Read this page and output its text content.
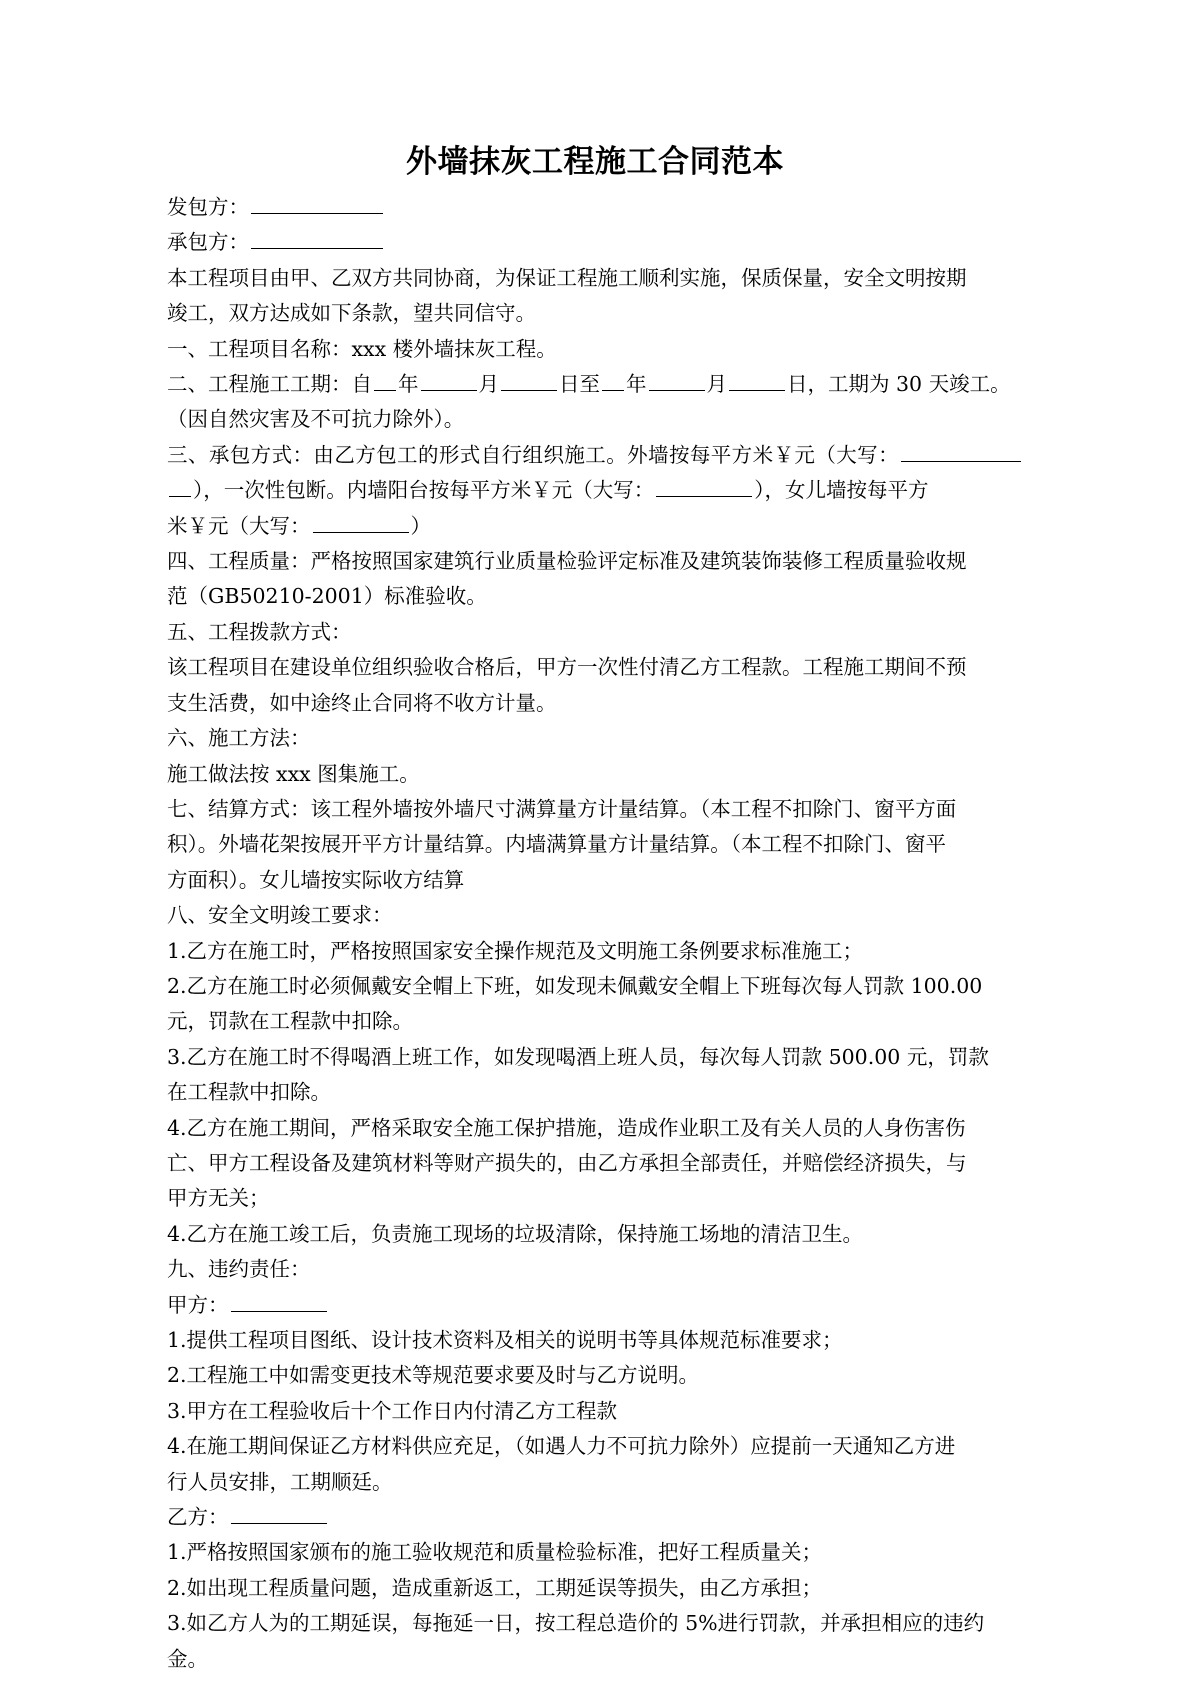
外墙抹灰工程施工合同范本

发包方：

承包方：

本工程项目由甲、乙双方共同协商，为保证工程施工顺利实施，保质保量，安全文明按期

竣工，双方达成如下条款，望共同信守。

一、工程项目名称：xxx 楼外墙抹灰工程。

二、工程施工工期：自 年	月	日至 年	月	日，工期为 30 天竣工。

（因自然灾害及不可抗力除外）。

三、承包方式：由乙方包工的形式自行组织施工。外墙按每平方米￥元（大写：），一次性包断。内墙阳台按每平方米￥元（大写：	），女儿墙按每平方

米￥元（大写：	）

四、工程质量：严格按照国家建筑行业质量检验评定标准及建筑装饰装修工程质量验收规

范（GB50210-2001）标准验收。

五、工程拨款方式：

该工程项目在建设单位组织验收合格后，甲方一次性付清乙方工程款。工程施工期间不预

支生活费，如中途终止合同将不收方计量。

六、施工方法：

施工做法按 xxx 图集施工。

七、结算方式：该工程外墙按外墙尺寸满算量方计量结算。（本工程不扣除门、窗平方面

积）。外墙花架按展开平方计量结算。内墙满算量方计量结算。（本工程不扣除门、窗平

方面积）。女儿墙按实际收方结算

八、安全文明竣工要求：

1.乙方在施工时，严格按照国家安全操作规范及文明施工条例要求标准施工；

2.乙方在施工时必须佩戴安全帽上下班，如发现未佩戴安全帽上下班每次每人罚款 100.00

元，罚款在工程款中扣除。

3.乙方在施工时不得喝酒上班工作，如发现喝酒上班人员，每次每人罚款 500.00 元，罚款

在工程款中扣除。

4.乙方在施工期间，严格采取安全施工保护措施，造成作业职工及有关人员的人身伤害伤

亡、甲方工程设备及建筑材料等财产损失的，由乙方承担全部责任，并赔偿经济损失，与

甲方无关；

4.乙方在施工竣工后，负责施工现场的垃圾清除，保持施工场地的清洁卫生。

九、违约责任：

甲方：

1.提供工程项目图纸、设计技术资料及相关的说明书等具体规范标准要求；

2.工程施工中如需变更技术等规范要求要及时与乙方说明。

3.甲方在工程验收后十个工作日内付清乙方工程款

4.在施工期间保证乙方材料供应充足，（如遇人力不可抗力除外）应提前一天通知乙方进

行人员安排，工期顺廷。

乙方：

1.严格按照国家颁布的施工验收规范和质量检验标准，把好工程质量关；

2.如出现工程质量问题，造成重新返工，工期延误等损失，由乙方承担；

3.如乙方人为的工期延误，每拖延一日，按工程总造价的 5%进行罚款，并承担相应的违约

金。
